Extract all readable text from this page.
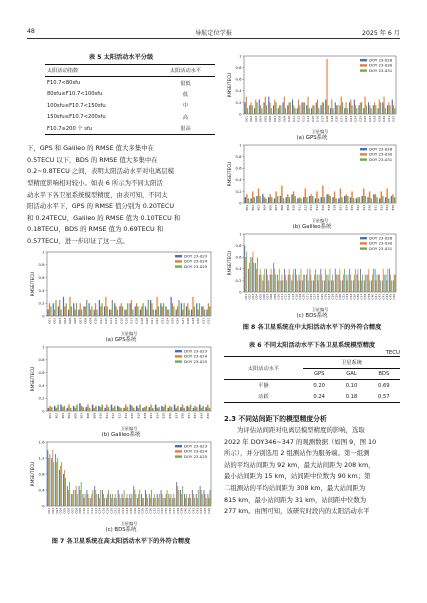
48	导航定位学报	2025 年 6 月
表 5 太阳活动水平分级
太阳活动指数	太阳活动水平
F10.7<80sfu	很低
80sfu≤F10.7<100sfu	低
100sfu≤F10.7<150sfu	中
150sfu≤F10.7<200sfu	高
F10.7≥200 个 sfu	很高

下，GPS 和 Galileo 的 RMSE 值大多集中在

0.5TECU 以下，BDS 的 RMSE 值大多集中在

0.2~0.8TECU 之间，表明太阳活动水平对电离层模

型精度影响相对较小。如表 6 所示为不同太阳活

动水平下各卫星系统模型精度，由表可知，不同太

阳活动水平下，GPS 的 RMSE 值分别为 0.20TECU

和 0.24TECU，Galileo 的 RMSE 值为 0.10TECU 和

0.18TECU，BDS 的 RMSE 值为 0.69TECU 和

0.57TECU，进一步印证了这一点。

0
0.2
0.4
0.6
0.8
1
RMSE/TECU
G01 G02 G03 G04 G05 G06 G07 G08 G09 G10 G11 G12 G13 G14 G15 G16 G17 G18 G19 G20 G21 G22 G23 G24 G25 G26 G27 G28 G29 G30 G31 G32
卫星编号
DOY 23-023
DOY 23-024
DOY 23-025
(a) GPS系统
0
0.2
0.4
0.6
0.8
1
RMSE/TECU
E01 E02 E03 E04 E05 E07 E08 E09 E10 E11 E12 E13 E14 E15 E18 E19 E21 E24 E25 E26 E27 E30 E31 E33 E34 E36
卫星编号
DOY 23-023
DOY 23-024
DOY 23-025
(b) Galileo系统
0
0.4
0.8
1.2
1.6
RMSE/TECU
C01 C02 C03 C04 C05 C06 C07 C08 C09 C10 C11 C12 C13 C14 C16 C19 C20 C21 C22 C23 C24 C25 C26 C27 C28 C29 C30 C32 C33 C34 C35 C36 C37 C38 C39 C40 C41 C42 C43 C44 C45 C46
卫星编号
DOY 23-023
DOY 23-024
DOY 23-025
(c) BDS系统
图 7 各卫星系统在高太阳活动水平下的外符合精度
0
0.2
0.4
0.6
0.8
1
RMSE/TECU
G01 G02 G03 G04 G05 G06 G07 G08 G09 G10 G11 G12 G13 G14 G15 G16 G17 G18 G19 G20 G21 G22 G23 G24 G25 G26 G27 G28 G29 G30 G31 G32
卫星编号
DOY 23-028
DOY 23-030
DOY 23-031
(a) GPS系统
0
0.2
0.4
0.6
0.8
1
RMSE/TECU
E01 E02 E03 E04 E05 E07 E08 E09 E10 E11 E12 E13 E14 E15 E18 E19 E21 E24 E25 E26 E27 E30 E31 E33 E34 E36
卫星编号
DOY 23-028
DOY 23-030
DOY 23-031
(b) Galileo系统
0
0.2
0.4
0.6
0.8
1
RMSE/TECU
C01 C02 C03 C04 C05 C06 C07 C08 C09 C10 C11 C12 C13 C14 C16 C19 C20 C21 C22 C23 C24 C25 C26 C27 C28 C29 C30 C32 C33 C34 C35 C36 C37 C38 C39 C40 C41 C42 C43 C44 C45 C46
卫星编号
DOY 23-028
DOY 23-030
DOY 23-031
(c) BDS系统
图 8 各卫星系统在中太阳活动水平下的外符合精度
表 6 不同太阳活动水平下各卫星系统模型精度
TECU
太阳活动水平	卫星系统		
	GPS	GAL	BDS
平静	0.20	0.10	0.69
活跃	0.24	0.18	0.57
2.3 不同站间距下的模型精度分析

为评估站间距对电离层模型精度的影响，选取

2022 年 DOY346~347 的观测数据（如图 9，图 10

所示），并分别选用 2 组测站作为服务端。第一组测

站的平均站间距为 92 km，最大站间距为 208 km，

最小站间距为 15 km，站间距中位数为 90 km；第

二组测站的平均站间距为 308 km，最大站间距为

815 km，最小站间距为 31 km，站间距中位数为

277 km。由图可知，该研究时段内的太阳活动水平
